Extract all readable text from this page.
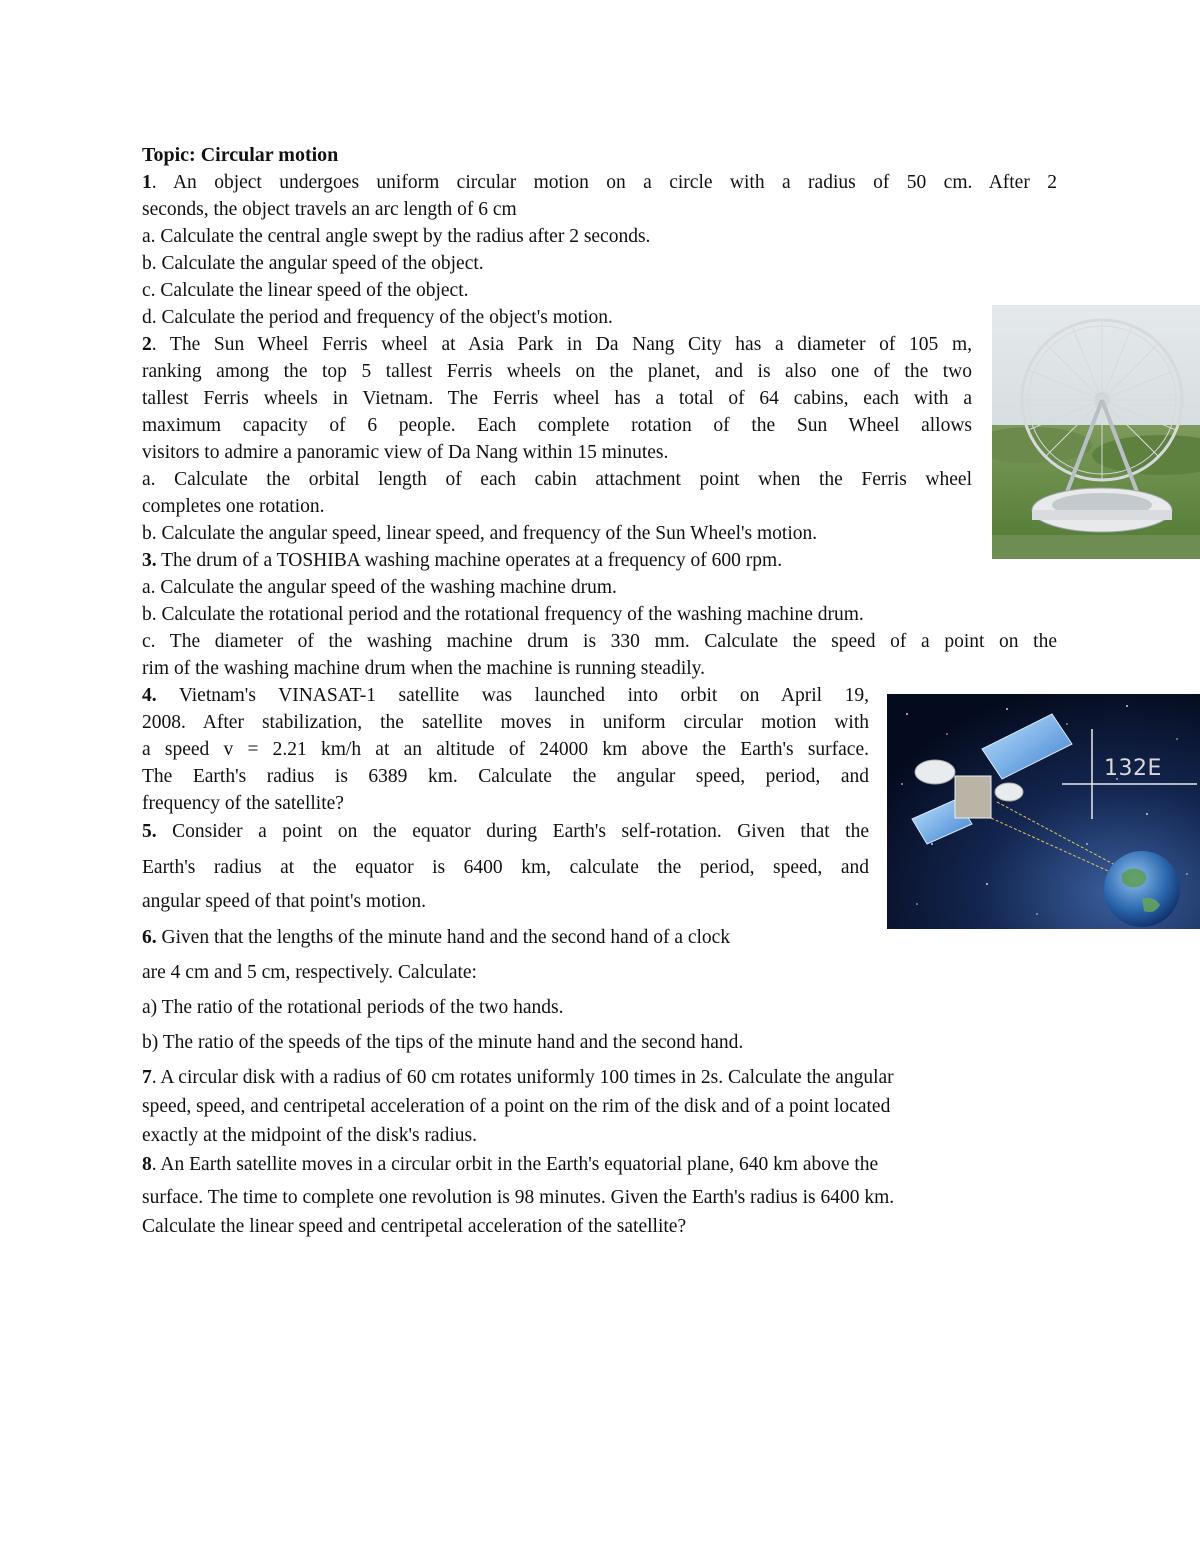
Topic: Circular motion

1. An object undergoes uniform circular motion on a circle with a radius of 50 cm. After 2

seconds, the object travels an arc length of 6 cm

a. Calculate the central angle swept by the radius after 2 seconds.

b. Calculate the angular speed of the object.

c. Calculate the linear speed of the object.

d. Calculate the period and frequency of the object's motion.

2. The Sun Wheel Ferris wheel at Asia Park in Da Nang City has a diameter of 105 m,

ranking among the top 5 tallest Ferris wheels on the planet, and is also one of the two

tallest Ferris wheels in Vietnam. The Ferris wheel has a total of 64 cabins, each with a

maximum capacity of 6 people. Each complete rotation of the Sun Wheel allows

visitors to admire a panoramic view of Da Nang within 15 minutes.

a. Calculate the orbital length of each cabin attachment point when the Ferris wheel

completes one rotation.

b. Calculate the angular speed, linear speed, and frequency of the Sun Wheel's motion.

3. The drum of a TOSHIBA washing machine operates at a frequency of 600 rpm.

a. Calculate the angular speed of the washing machine drum.

b. Calculate the rotational period and the rotational frequency of the washing machine drum.

c. The diameter of the washing machine drum is 330 mm. Calculate the speed of a point on the

rim of the washing machine drum when the machine is running steadily.

4. Vietnam's VINASAT-1 satellite was launched into orbit on April 19,

2008. After stabilization, the satellite moves in uniform circular motion with

a speed v = 2.21 km/h at an altitude of 24000 km above the Earth's surface.

The Earth's radius is 6389 km. Calculate the angular speed, period, and

frequency of the satellite?

5. Consider a point on the equator during Earth's self-rotation. Given that the

Earth's radius at the equator is 6400 km, calculate the period, speed, and

angular speed of that point's motion.

6. Given that the lengths of the minute hand and the second hand of a clock

are 4 cm and 5 cm, respectively. Calculate:

a) The ratio of the rotational periods of the two hands.

b) The ratio of the speeds of the tips of the minute hand and the second hand.

7. A circular disk with a radius of 60 cm rotates uniformly 100 times in 2s. Calculate the angular

speed, speed, and centripetal acceleration of a point on the rim of the disk and of a point located

exactly at the midpoint of the disk's radius.

8. An Earth satellite moves in a circular orbit in the Earth's equatorial plane, 640 km above the

surface. The time to complete one revolution is 98 minutes. Given the Earth's radius is 6400 km.

Calculate the linear speed and centripetal acceleration of the satellite?

132E
